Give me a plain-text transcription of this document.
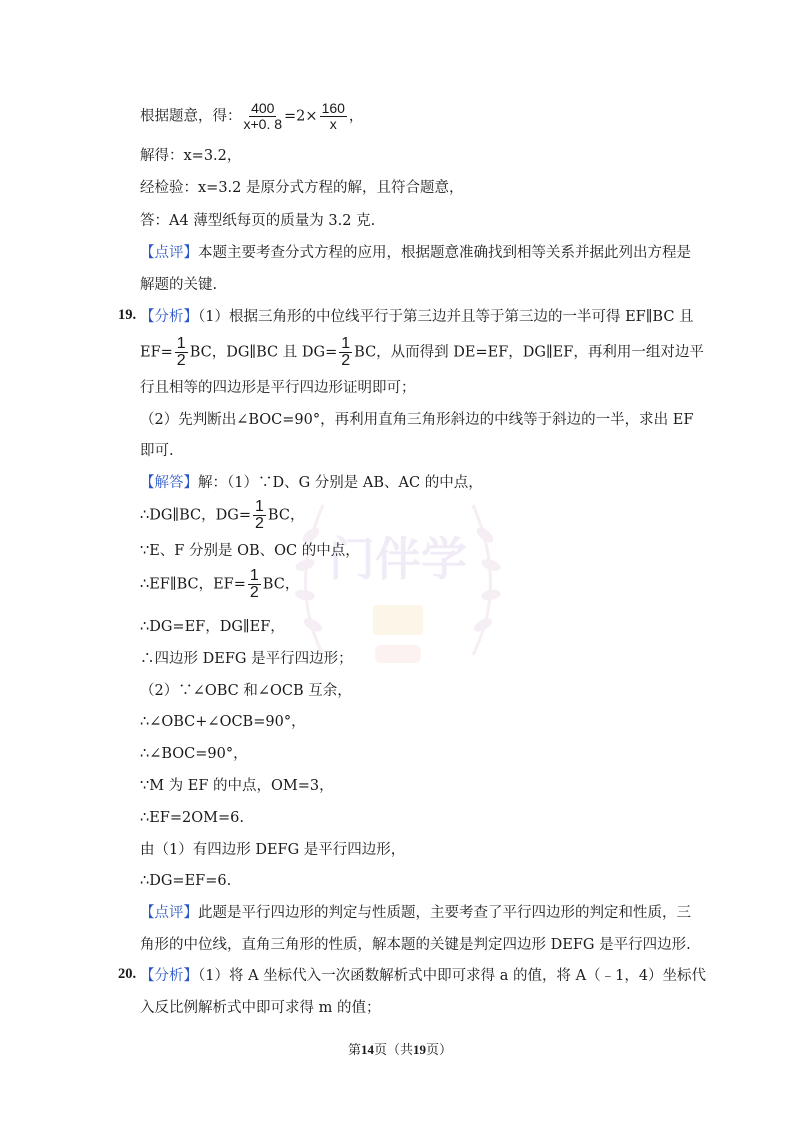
门伴学
根据题意，得： $\frac{400}{x+0. 8} =2\times \frac{160}{x}$ ，
解得：x=3.2，
经检验：x=3.2 是原分式方程的解，且符合题意，
答：A4 薄型纸每页的质量为 3.2 克.
【点评】本题主要考查分式方程的应用，根据题意准确找到相等关系并据此列出方程是
解题的关键.
19. 【分析】（1）根据三角形的中位线平行于第三边并且等于第三边的一半可得 EF∥BC 且
$EF= \frac{1}{2}$ BC，DG∥BC 且 $DG= \frac{1}{2}$ BC，从而得到 DE=EF，DG∥EF，再利用一组对边平
行且相等的四边形是平行四边形证明即可；
（2）先判断出∠BOC=90°，再利用直角三角形斜边的中线等于斜边的一半，求出 EF
即可.
【解答】解：（1）∵D、G 分别是 AB、AC 的中点，
∴DG∥BC，$DG= \frac{1}{2}$ BC，
∵E、F 分别是 OB、OC 的中点，
∴EF∥BC，$EF= \frac{1}{2}$ BC，
∴DG=EF，DG∥EF，
∴四边形 DEFG 是平行四边形；
（2）∵∠OBC 和∠OCB 互余，
∴∠OBC+∠OCB=90°，
∴∠BOC=90°，
∵M 为 EF 的中点，OM=3，
∴EF=2OM=6.
由（1）有四边形 DEFG 是平行四边形，
∴DG=EF=6.
【点评】此题是平行四边形的判定与性质题，主要考查了平行四边形的判定和性质，三
角形的中位线，直角三角形的性质，解本题的关键是判定四边形 DEFG 是平行四边形.
20. 【分析】（1）将 A 坐标代入一次函数解析式中即可求得 a 的值，将 A（﹣1，4）坐标代
入反比例解析式中即可求得 m 的值；
第14页（共19页）
